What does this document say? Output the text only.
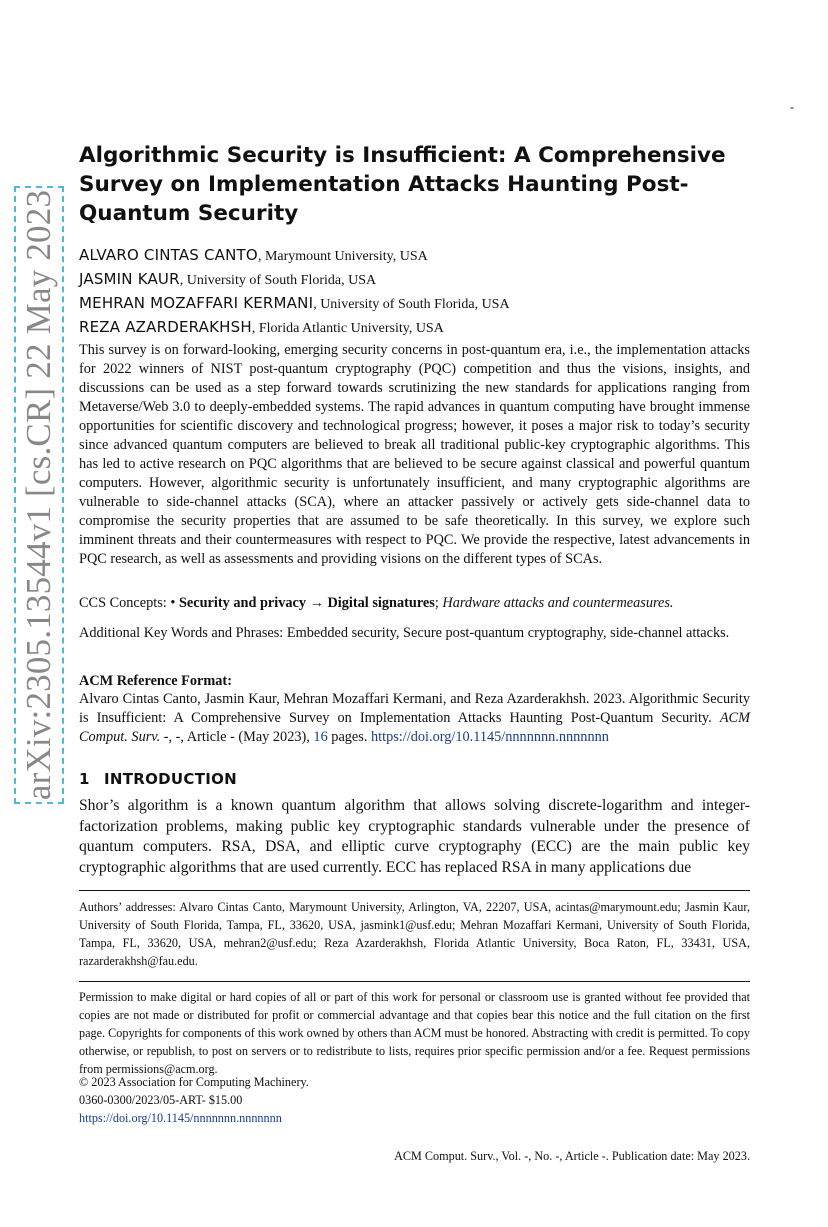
-
arXiv:2305.13544v1 [cs.CR] 22 May 2023
Algorithmic Security is Insufficient: A Comprehensive Survey on Implementation Attacks Haunting Post-Quantum Security
ALVARO CINTAS CANTO, Marymount University, USA
JASMIN KAUR, University of South Florida, USA
MEHRAN MOZAFFARI KERMANI, University of South Florida, USA
REZA AZARDERAKHSH, Florida Atlantic University, USA

This survey is on forward-looking, emerging security concerns in post-quantum era, i.e., the implementation attacks for 2022 winners of NIST post-quantum cryptography (PQC) competition and thus the visions, insights, and discussions can be used as a step forward towards scrutinizing the new standards for applications ranging from Metaverse/Web 3.0 to deeply-embedded systems. The rapid advances in quantum computing have brought immense opportunities for scientific discovery and technological progress; however, it poses a major risk to today’s security since advanced quantum computers are believed to break all traditional public-key cryptographic algorithms. This has led to active research on PQC algorithms that are believed to be secure against classical and powerful quantum computers. However, algorithmic security is unfortunately insufficient, and many cryptographic algorithms are vulnerable to side-channel attacks (SCA), where an attacker passively or actively gets side-channel data to compromise the security properties that are assumed to be safe theoretically. In this survey, we explore such imminent threats and their countermeasures with respect to PQC. We provide the respective, latest advancements in PQC research, as well as assessments and providing visions on the different types of SCAs.

CCS Concepts: • Security and privacy → Digital signatures; Hardware attacks and countermeasures.

Additional Key Words and Phrases: Embedded security, Secure post-quantum cryptography, side-channel attacks.

ACM Reference Format:

Alvaro Cintas Canto, Jasmin Kaur, Mehran Mozaffari Kermani, and Reza Azarderakhsh. 2023. Algorithmic Security is Insufficient: A Comprehensive Survey on Implementation Attacks Haunting Post-Quantum Security. ACM Comput. Surv. -, -, Article - (May 2023), 16 pages. https://doi.org/10.1145/nnnnnnn.nnnnnnn

1 INTRODUCTION

Shor’s algorithm is a known quantum algorithm that allows solving discrete-logarithm and integer-factorization problems, making public key cryptographic standards vulnerable under the presence of quantum computers. RSA, DSA, and elliptic curve cryptography (ECC) are the main public key cryptographic algorithms that are used currently. ECC has replaced RSA in many applications due

Authors’ addresses: Alvaro Cintas Canto, Marymount University, Arlington, VA, 22207, USA, acintas@marymount.edu; Jasmin Kaur, University of South Florida, Tampa, FL, 33620, USA, jasmink1@usf.edu; Mehran Mozaffari Kermani, University of South Florida, Tampa, FL, 33620, USA, mehran2@usf.edu; Reza Azarderakhsh, Florida Atlantic University, Boca Raton, FL, 33431, USA, razarderakhsh@fau.edu.

Permission to make digital or hard copies of all or part of this work for personal or classroom use is granted without fee provided that copies are not made or distributed for profit or commercial advantage and that copies bear this notice and the full citation on the first page. Copyrights for components of this work owned by others than ACM must be honored. Abstracting with credit is permitted. To copy otherwise, or republish, to post on servers or to redistribute to lists, requires prior specific permission and/or a fee. Request permissions from permissions@acm.org.

© 2023 Association for Computing Machinery.

0360-0300/2023/05-ART- $15.00

https://doi.org/10.1145/nnnnnnn.nnnnnnn

ACM Comput. Surv., Vol. -, No. -, Article -. Publication date: May 2023.
